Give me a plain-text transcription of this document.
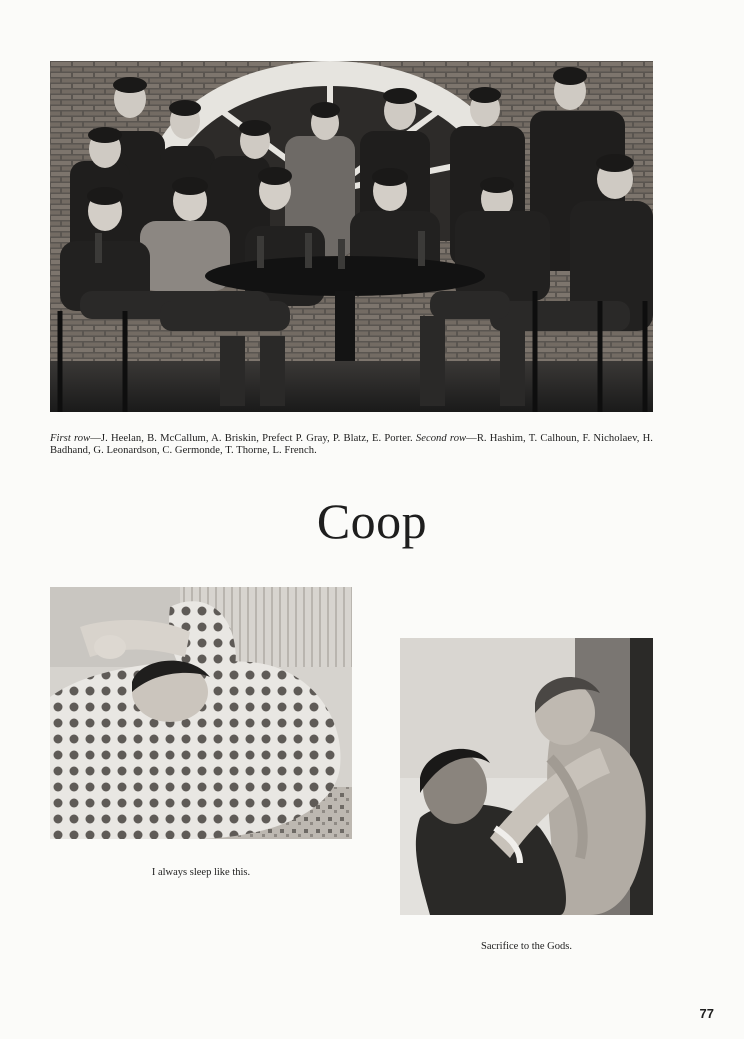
First row—J. Heelan, B. McCallum, A. Briskin, Prefect P. Gray, P. Blatz, E. Porter. Second row—R. Hashim, T. Calhoun, F. Nicholaev, H. Badhand, G. Leonardson, C. Germonde, T. Thorne, L. French.

Coop

I always sleep like this.

Sacrifice to the Gods.

77
